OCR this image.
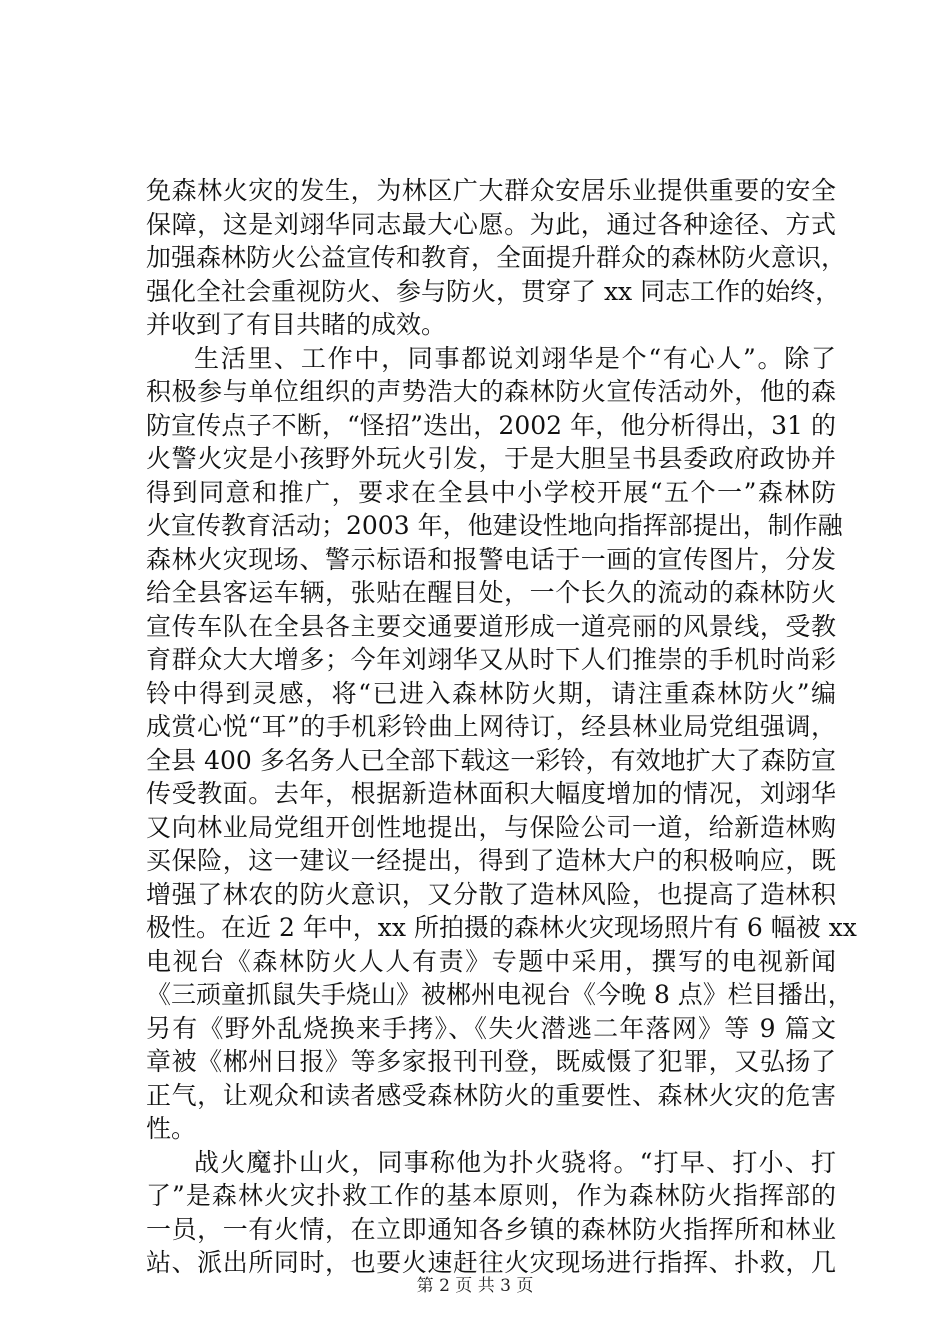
免森林火灾的发生，为林区广大群众安居乐业提供重要的安全
保障，这是刘翊华同志最大心愿。为此，通过各种途径、方式
加强森林防火公益宣传和教育，全面提升群众的森林防火意识，
强化全社会重视防火、参与防火，贯穿了 xx 同志工作的始终，
并收到了有目共睹的成效。
生活里、工作中，同事都说刘翊华是个“有心人”。除了
积极参与单位组织的声势浩大的森林防火宣传活动外，他的森
防宣传点子不断，“怪招”迭出，2002 年，他分析得出，31 的
火警火灾是小孩野外玩火引发，于是大胆呈书县委政府政协并
得到同意和推广，要求在全县中小学校开展“五个一”森林防
火宣传教育活动；2003 年，他建设性地向指挥部提出，制作融
森林火灾现场、警示标语和报警电话于一画的宣传图片，分发
给全县客运车辆，张贴在醒目处，一个长久的流动的森林防火
宣传车队在全县各主要交通要道形成一道亮丽的风景线，受教
育群众大大增多；今年刘翊华又从时下人们推崇的手机时尚彩
铃中得到灵感，将“已进入森林防火期，请注重森林防火”编
成赏心悦“耳”的手机彩铃曲上网待订，经县林业局党组强调，
全县 400 多名务人已全部下载这一彩铃，有效地扩大了森防宣
传受教面。去年，根据新造林面积大幅度增加的情况，刘翊华
又向林业局党组开创性地提出，与保险公司一道，给新造林购
买保险，这一建议一经提出，得到了造林大户的积极响应，既
增强了林农的防火意识，又分散了造林风险，也提高了造林积
极性。在近 2 年中，xx 所拍摄的森林火灾现场照片有 6 幅被 xx
电视台《森林防火人人有责》专题中采用，撰写的电视新闻
《三顽童抓鼠失手烧山》被郴州电视台《今晚 8 点》栏目播出，
另有《野外乱烧换来手拷》、《失火潜逃二年落网》等 9 篇文
章被《郴州日报》等多家报刊刊登，既威慑了犯罪，又弘扬了
正气，让观众和读者感受森林防火的重要性、森林火灾的危害
性。
战火魔扑山火，同事称他为扑火骁将。“打早、打小、打
了”是森林火灾扑救工作的基本原则，作为森林防火指挥部的
一员，一有火情，在立即通知各乡镇的森林防火指挥所和林业
站、派出所同时，也要火速赶往火灾现场进行指挥、扑救，几
第 2 页 共 3 页
